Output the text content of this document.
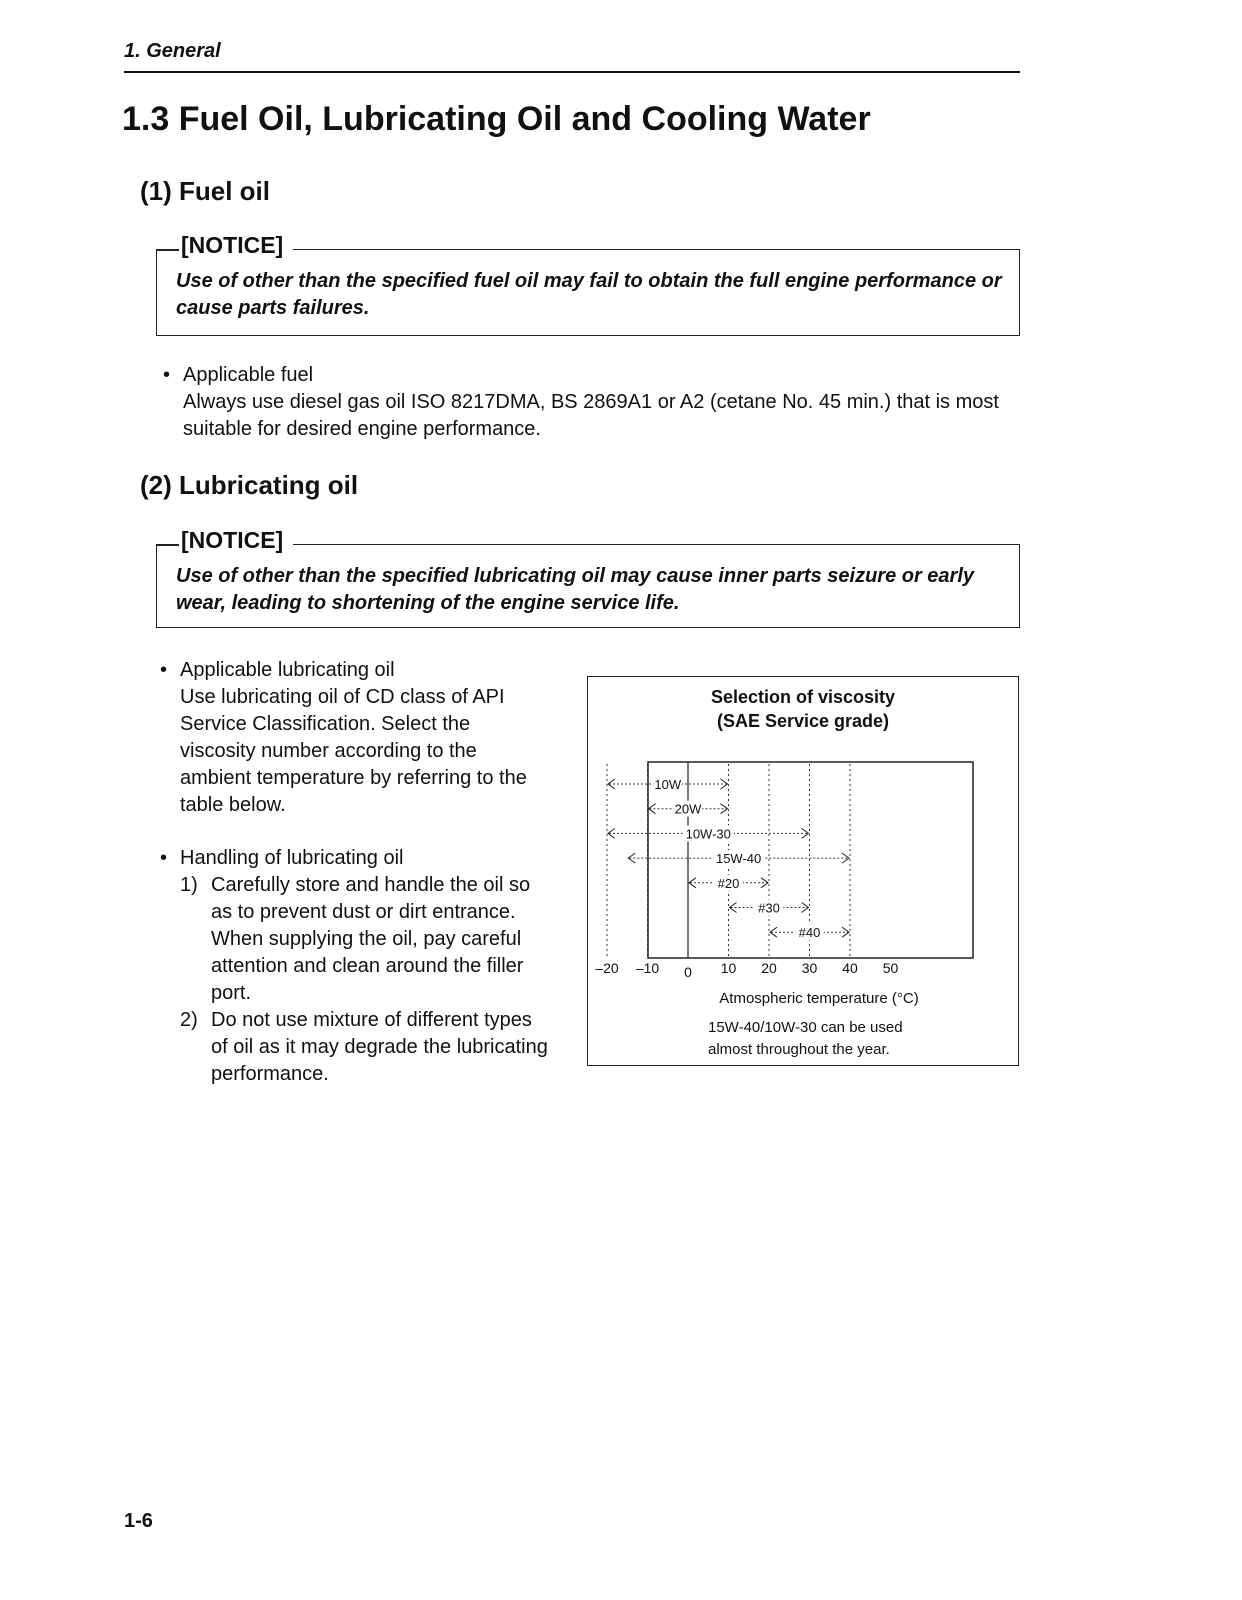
1. General
1.3 Fuel Oil, Lubricating Oil and Cooling Water
(1) Fuel oil
[NOTICE]
Use of other than the specified fuel oil may fail to obtain the full engine performance or cause parts failures.
• Applicable fuel
Always use diesel gas oil ISO 8217DMA, BS 2869A1 or A2 (cetane No. 45 min.) that is most suitable for desired engine performance.
(2) Lubricating oil
[NOTICE]
Use of other than the specified lubricating oil may cause inner parts seizure or early wear, leading to shortening of the engine service life.
• Applicable lubricating oil
Use lubricating oil of CD class of API Service Classification. Select the viscosity number according to the ambient temperature by referring to the table below.
• Handling of lubricating oil
1) Carefully store and handle the oil so as to prevent dust or dirt entrance. When supplying the oil, pay careful attention and clean around the filler port.
2) Do not use mixture of different types of oil as it may degrade the lubricating performance.
Selection of viscosity
(SAE Service grade)
10W
20W
10W-30
15W-40
#20
#30
#40
–20 –10 0 10 20 30 40 50
Atmospheric temperature (°C)
15W-40/10W-30 can be used
almost throughout the year.
1-6
